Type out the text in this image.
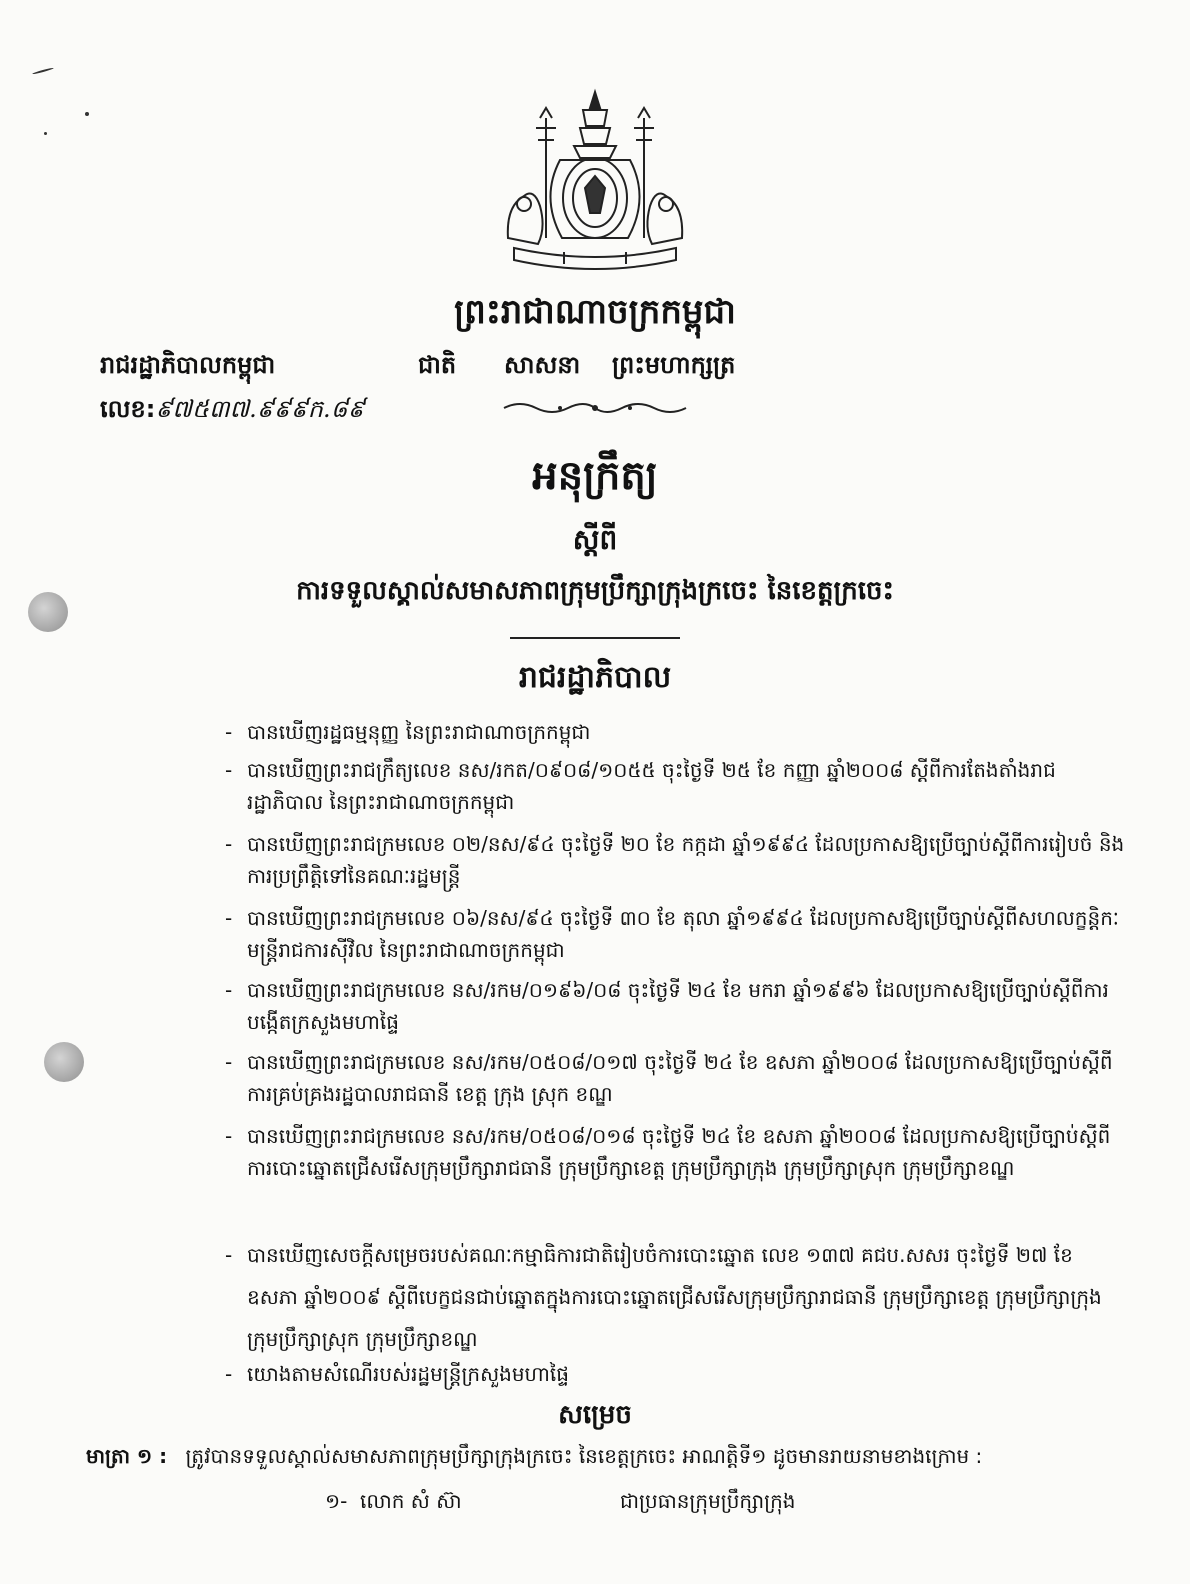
ព្រះរាជាណាចក្រកម្ពុជា
រាជរដ្ឋាភិបាលកម្ពុជា	ជាតិ សាសនា ព្រះមហាក្សត្រ
លេខ:៩៧៥៣៧.៩៩៩ក.៨៩
អនុក្រឹត្យ
ស្តីពី
ការទទួលស្គាល់សមាសភាពក្រុមប្រឹក្សាក្រុងក្រចេះ នៃខេត្តក្រចេះ
រាជរដ្ឋាភិបាល
- បានឃើញរដ្ឋធម្មនុញ្ញ នៃព្រះរាជាណាចក្រកម្ពុជា
- បានឃើញព្រះរាជក្រឹត្យលេខ នស/រកត/០៩០៨/១០៥៥ ចុះថ្ងៃទី ២៥ ខែ កញ្ញា ឆ្នាំ២០០៨ ស្តីពីការតែងតាំងរាជរដ្ឋាភិបាល នៃព្រះរាជាណាចក្រកម្ពុជា
- បានឃើញព្រះរាជក្រមលេខ ០២/នស/៩៤ ចុះថ្ងៃទី ២០ ខែ កក្កដា ឆ្នាំ១៩៩៤ ដែលប្រកាសឱ្យប្រើច្បាប់ស្តីពីការរៀបចំ និងការប្រព្រឹត្តិទៅនៃគណៈរដ្ឋមន្ត្រី
- បានឃើញព្រះរាជក្រមលេខ ០៦/នស/៩៤ ចុះថ្ងៃទី ៣០ ខែ តុលា ឆ្នាំ១៩៩៤ ដែលប្រកាសឱ្យប្រើច្បាប់ស្តីពីសហលក្ខន្តិកៈមន្ត្រីរាជការស៊ីវិល នៃព្រះរាជាណាចក្រកម្ពុជា
- បានឃើញព្រះរាជក្រមលេខ នស/រកម/០១៩៦/០៨ ចុះថ្ងៃទី ២៤ ខែ មករា ឆ្នាំ១៩៩៦ ដែលប្រកាសឱ្យប្រើច្បាប់ស្តីពីការបង្កើតក្រសួងមហាផ្ទៃ
- បានឃើញព្រះរាជក្រមលេខ នស/រកម/០៥០៨/០១៧ ចុះថ្ងៃទី ២៤ ខែ ឧសភា ឆ្នាំ២០០៨ ដែលប្រកាសឱ្យប្រើច្បាប់ស្តីពីការគ្រប់គ្រងរដ្ឋបាលរាជធានី ខេត្ត ក្រុង ស្រុក ខណ្ឌ
- បានឃើញព្រះរាជក្រមលេខ នស/រកម/០៥០៨/០១៨ ចុះថ្ងៃទី ២៤ ខែ ឧសភា ឆ្នាំ២០០៨ ដែលប្រកាសឱ្យប្រើច្បាប់ស្តីពីការបោះឆ្នោតជ្រើសរើសក្រុមប្រឹក្សារាជធានី ក្រុមប្រឹក្សាខេត្ត ក្រុមប្រឹក្សាក្រុង ក្រុមប្រឹក្សាស្រុក ក្រុមប្រឹក្សាខណ្ឌ
- បានឃើញសេចក្តីសម្រេចរបស់គណៈកម្មាធិការជាតិរៀបចំការបោះឆ្នោត លេខ ១៣៧ គជប.សសរ ចុះថ្ងៃទី ២៧ ខែ ឧសភា ឆ្នាំ២០០៩ ស្តីពីបេក្ខជនជាប់ឆ្នោតក្នុងការបោះឆ្នោតជ្រើសរើសក្រុមប្រឹក្សារាជធានី ក្រុមប្រឹក្សាខេត្ត ក្រុមប្រឹក្សាក្រុង ក្រុមប្រឹក្សាស្រុក ក្រុមប្រឹក្សាខណ្ឌ
- យោងតាមសំណើរបស់រដ្ឋមន្ត្រីក្រសួងមហាផ្ទៃ
សម្រេច
មាត្រា ១ : ត្រូវបានទទួលស្គាល់សមាសភាពក្រុមប្រឹក្សាក្រុងក្រចេះ នៃខេត្តក្រចេះ អាណត្តិទី១ ដូចមានរាយនាមខាងក្រោម :
១- លោក សំ ស៊ា	ជាប្រធានក្រុមប្រឹក្សាក្រុង
